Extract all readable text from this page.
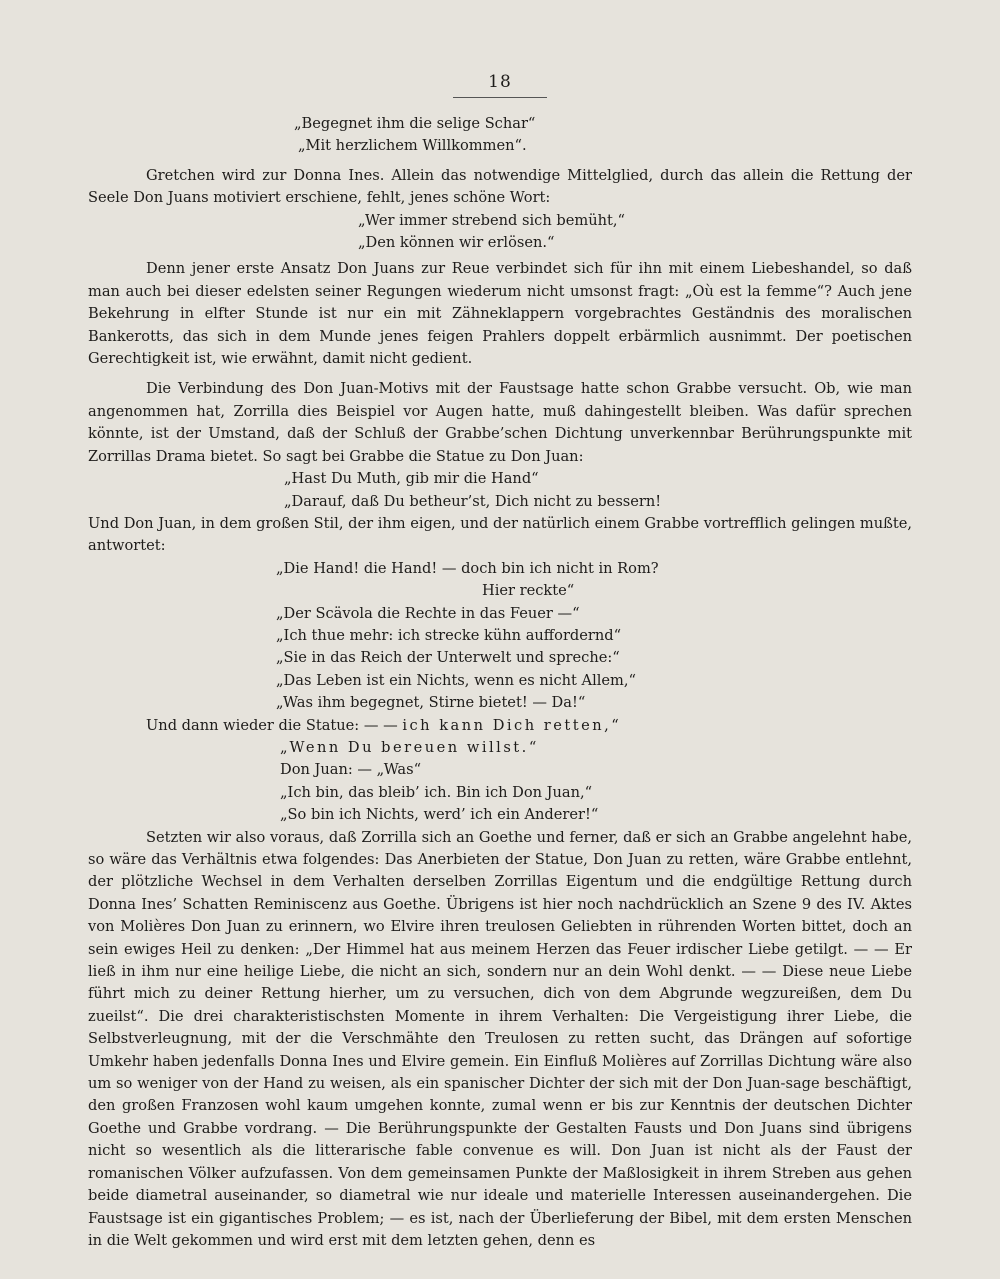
18

„Begegnet ihm die selige Schar“

„Mit herzlichem Willkommen“.

Gretchen wird zur Donna Ines. Allein das notwendige Mittelglied, durch das allein die Rettung der Seele Don Juans motiviert erschiene, fehlt, jenes schöne Wort:

„Wer immer strebend sich bemüht,“

„Den können wir erlösen.“

Denn jener erste Ansatz Don Juans zur Reue verbindet sich für ihn mit einem Liebeshandel, so daß man auch bei dieser edelsten seiner Regungen wiederum nicht umsonst fragt: „Où est la femme“? Auch jene Bekehrung in elfter Stunde ist nur ein mit Zähneklappern vorgebrachtes Geständnis des moralischen Bankerotts, das sich in dem Munde jenes feigen Prahlers doppelt erbärmlich ausnimmt. Der poetischen Gerechtigkeit ist, wie erwähnt, damit nicht gedient.

Die Verbindung des Don Juan-Motivs mit der Faustsage hatte schon Grabbe versucht. Ob, wie man angenommen hat, Zorrilla dies Beispiel vor Augen hatte, muß dahingestellt bleiben. Was dafür sprechen könnte, ist der Umstand, daß der Schluß der Grabbe’schen Dichtung unverkennbar Berührungspunkte mit Zorrillas Drama bietet. So sagt bei Grabbe die Statue zu Don Juan:

„Hast Du Muth, gib mir die Hand“

„Darauf, daß Du betheur’st, Dich nicht zu bessern!

Und Don Juan, in dem großen Stil, der ihm eigen, und der natürlich einem Grabbe vortrefflich gelingen mußte, antwortet:

„Die Hand! die Hand! — doch bin ich nicht in Rom?

Hier reckte“

„Der Scävola die Rechte in das Feuer —“

„Ich thue mehr: ich strecke kühn auffordernd“

„Sie in das Reich der Unterwelt und spreche:“

„Das Leben ist ein Nichts, wenn es nicht Allem,“

„Was ihm begegnet, Stirne bietet! — Da!“

Und dann wieder die Statue: — — ich kann Dich retten,“

„Wenn Du bereuen willst.“

Don Juan: — „Was“

„Ich bin, das bleib’ ich. Bin ich Don Juan,“

„So bin ich Nichts, werd’ ich ein Anderer!“

Setzten wir also voraus, daß Zorrilla sich an Goethe und ferner, daß er sich an Grabbe angelehnt habe, so wäre das Verhältnis etwa folgendes: Das Anerbieten der Statue, Don Juan zu retten, wäre Grabbe entlehnt, der plötzliche Wechsel in dem Verhalten derselben Zorrillas Eigentum und die endgültige Rettung durch Donna Ines’ Schatten Reminiscenz aus Goethe. Übrigens ist hier noch nachdrücklich an Szene 9 des IV. Aktes von Molières Don Juan zu erinnern, wo Elvire ihren treulosen Geliebten in rührenden Worten bittet, doch an sein ewiges Heil zu denken: „Der Himmel hat aus meinem Herzen das Feuer irdischer Liebe getilgt. — — Er ließ in ihm nur eine heilige Liebe, die nicht an sich, sondern nur an dein Wohl denkt. — — Diese neue Liebe führt mich zu deiner Rettung hierher, um zu versuchen, dich von dem Abgrunde wegzureißen, dem Du zueilst“. Die drei charakteristischsten Momente in ihrem Verhalten: Die Vergeistigung ihrer Liebe, die Selbstverleugnung, mit der die Verschmähte den Treulosen zu retten sucht, das Drängen auf sofortige Umkehr haben jedenfalls Donna Ines und Elvire gemein. Ein Einfluß Molières auf Zorrillas Dichtung wäre also um so weniger von der Hand zu weisen, als ein spanischer Dichter der sich mit der Don Juan-sage beschäftigt, den großen Franzosen wohl kaum umgehen konnte, zumal wenn er bis zur Kenntnis der deutschen Dichter Goethe und Grabbe vordrang. — Die Berührungspunkte der Gestalten Fausts und Don Juans sind übrigens nicht so wesentlich als die litterarische fable convenue es will. Don Juan ist nicht als der Faust der romanischen Völker aufzufassen. Von dem gemeinsamen Punkte der Maßlosigkeit in ihrem Streben aus gehen beide diametral auseinander, so diametral wie nur ideale und materielle Interessen auseinandergehen. Die Faustsage ist ein gigantisches Problem; — es ist, nach der Überlieferung der Bibel, mit dem ersten Menschen in die Welt gekommen und wird erst mit dem letzten gehen, denn es
